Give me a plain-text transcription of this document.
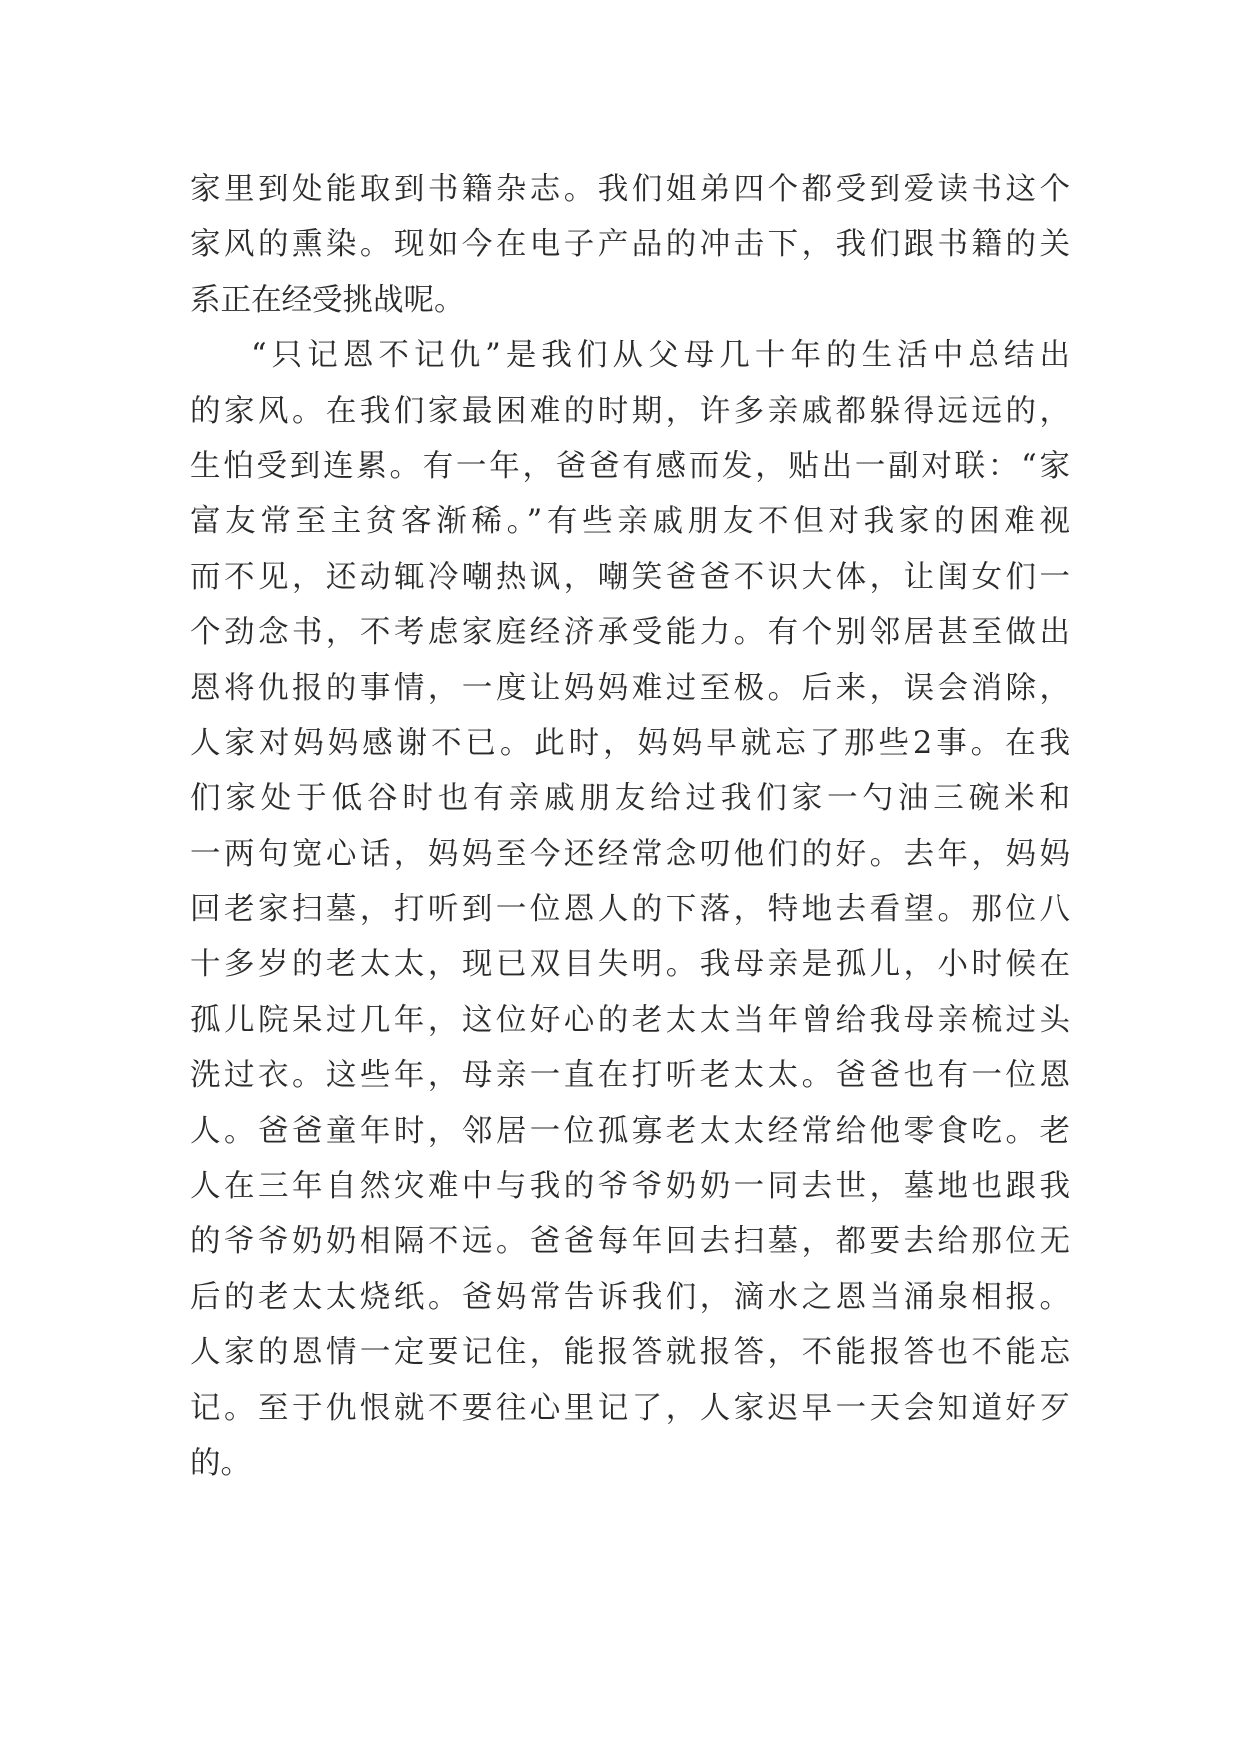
家里到处能取到书籍杂志。我们姐弟四个都受到爱读书这个
家风的熏染。现如今在电子产品的冲击下，我们跟书籍的关
系正在经受挑战呢。
“只记恩不记仇”是我们从父母几十年的生活中总结出
的家风。在我们家最困难的时期，许多亲戚都躲得远远的，
生怕受到连累。有一年，爸爸有感而发，贴出一副对联：“家
富友常至主贫客渐稀。”有些亲戚朋友不但对我家的困难视
而不见，还动辄冷嘲热讽，嘲笑爸爸不识大体，让闺女们一
个劲念书，不考虑家庭经济承受能力。有个别邻居甚至做出
恩将仇报的事情，一度让妈妈难过至极。后来，误会消除，
人家对妈妈感谢不已。此时，妈妈早就忘了那些2事。在我
们家处于低谷时也有亲戚朋友给过我们家一勺油三碗米和
一两句宽心话，妈妈至今还经常念叨他们的好。去年，妈妈
回老家扫墓，打听到一位恩人的下落，特地去看望。那位八
十多岁的老太太，现已双目失明。我母亲是孤儿，小时候在
孤儿院呆过几年，这位好心的老太太当年曾给我母亲梳过头
洗过衣。这些年，母亲一直在打听老太太。爸爸也有一位恩
人。爸爸童年时，邻居一位孤寡老太太经常给他零食吃。老
人在三年自然灾难中与我的爷爷奶奶一同去世，墓地也跟我
的爷爷奶奶相隔不远。爸爸每年回去扫墓，都要去给那位无
后的老太太烧纸。爸妈常告诉我们，滴水之恩当涌泉相报。
人家的恩情一定要记住，能报答就报答，不能报答也不能忘
记。至于仇恨就不要往心里记了，人家迟早一天会知道好歹
的。
